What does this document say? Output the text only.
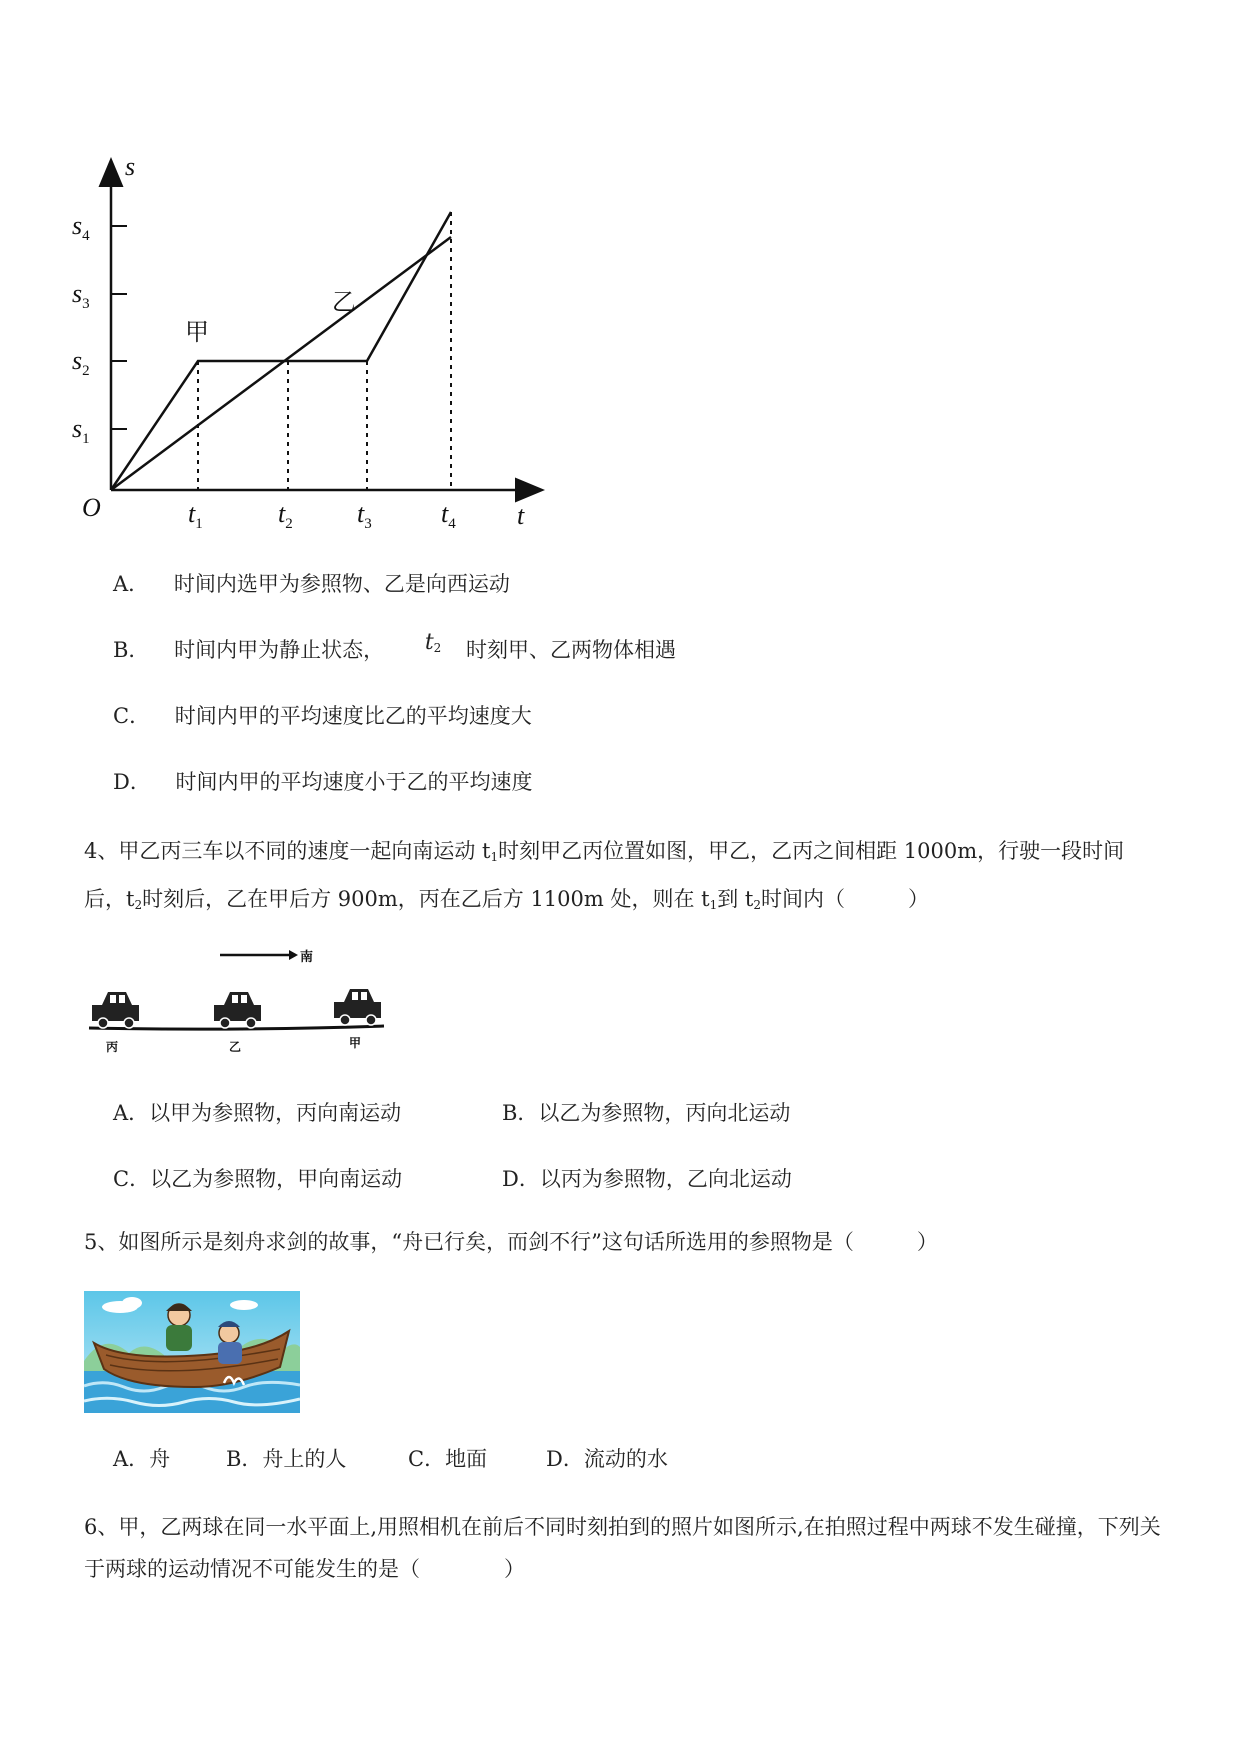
s
t
O
$s_4$
$s_3$
$s_2$
$s_1$
$t_1$	$t_2$ $t_3$	$t_4$
甲
乙
A． 时间内选甲为参照物、乙是向西运动
B． 时间内甲为静止状态， $t_2$ 时刻甲、乙两物体相遇
C． 时间内甲的平均速度比乙的平均速度大
D． 时间内甲的平均速度小于乙的平均速度
4、甲乙丙三车以不同的速度一起向南运动 $t_1$时刻甲乙丙位置如图，甲乙，乙丙之间相距 1000m，行驶一段时间后，$t_2$时刻后，乙在甲后方 900m，丙在乙后方 1100m 处，则在 $t_1$到 $t_2$时间内（　　　）
南
丙	乙	甲
A．以甲为参照物，丙向南运动	B．以乙为参照物，丙向北运动
C．以乙为参照物，甲向南运动	D．以丙为参照物，乙向北运动
5、如图所示是刻舟求剑的故事，“舟已行矣，而剑不行”这句话所选用的参照物是（　　　）
A．舟	B．舟上的人	C．地面	D．流动的水
6、甲，乙两球在同一水平面上,用照相机在前后不同时刻拍到的照片如图所示,在拍照过程中两球不发生碰撞，下列关于两球的运动情况不可能发生的是（　　　　）
